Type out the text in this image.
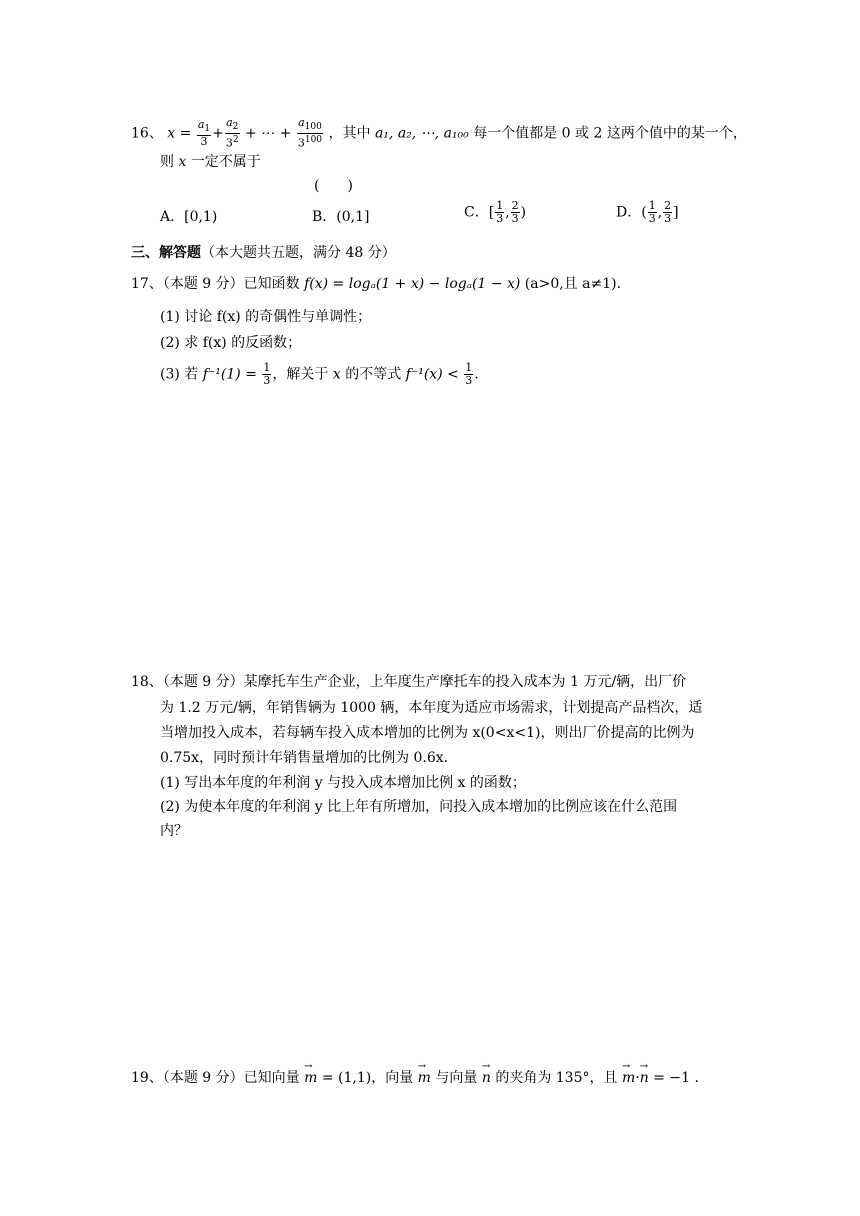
16、 $x = \frac{a_1}{3} + \frac{a_2}{3^2}$ + ⋯ + $\frac{a_{100}}{3^{100}}$ ，其中 a₁, a₂, ⋯, a₁₀₀ 每一个值都是 0 或 2 这两个值中的某一个，
则 x 一定不属于
(　　)
A．[0,1)	B．(0,1]	C．[ $\frac{1}{3}$ , $\frac{2}{3}$ )	D．( $\frac{1}{3}$ , $\frac{2}{3}$ ]
三、解答题（本大题共五题，满分 48 分）
17、（本题 9 分）已知函数 f(x) = logₐ(1 + x) − logₐ(1 − x) (a>0,且 a≠1).
(1) 讨论 f(x) 的奇偶性与单调性；
(2) 求 f(x) 的反函数；
(3) 若 $f^{-1}(1) = \frac{1}{3}$ ，解关于 x 的不等式 $f^{-1}(x) < \frac{1}{3}$ .
18、（本题 9 分）某摩托车生产企业，上年度生产摩托车的投入成本为 1 万元/辆，出厂价
为 1.2 万元/辆，年销售辆为 1000 辆，本年度为适应市场需求，计划提高产品档次，适
当增加投入成本，若每辆车投入成本增加的比例为 x(0<x<1)，则出厂价提高的比例为
0.75x，同时预计年销售量增加的比例为 0.6x.
(1) 写出本年度的年利润 y 与投入成本增加比例 x 的函数；
(2) 为使本年度的年利润 y 比上年有所增加，问投入成本增加的比例应该在什么范围
内？
19、（本题 9 分）已知向量 → m = (1,1)，向量 → m 与向量 → n 的夹角为 135°，且 → m·→ n = −1 .
